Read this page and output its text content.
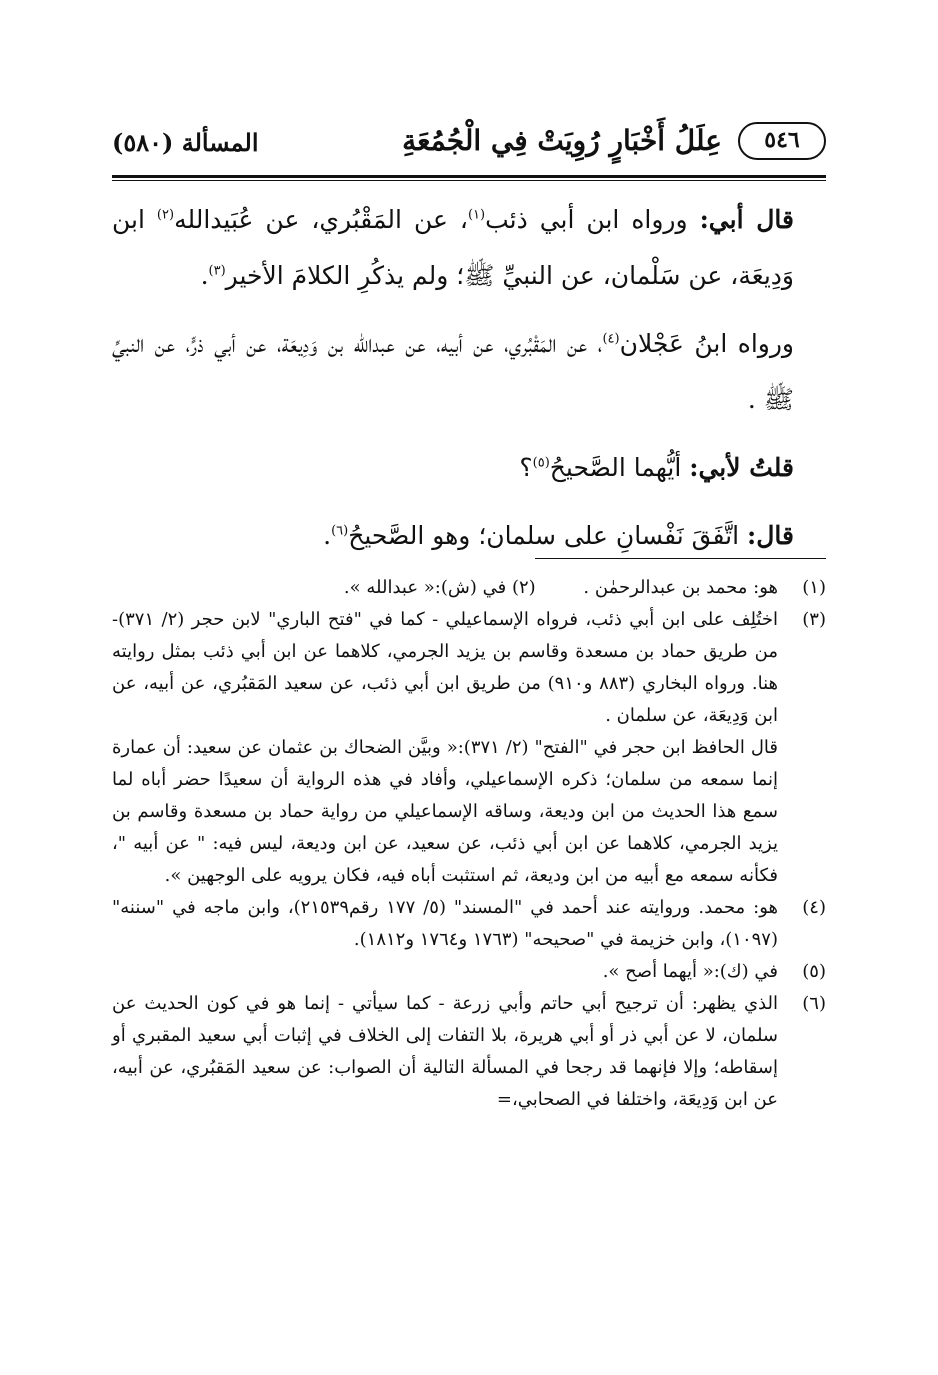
٥٤٦
عِلَلُ أَخْبَارٍ رُوِيَتْ فِي الْجُمُعَةِ
المسألة (٥٨٠)

قال أبي: ورواه ابن أبي ذئب$^{(١)}$، عن المَقْبُري، عن عُبَيدالله$^{(٢)}$ ابن وَدِيعَة، عن سَلْمان، عن النبيِّ ﷺ؛ ولم يذكُرِ الكلامَ الأخير$^{(٣)}$.

ورواه ابنُ عَجْلان$^{(٤)}$، عن المَقْبُري، عن أبيه، عن عبدالله بن وَدِيعَة، عن أبي ذرٍّ، عن النبيِّ ﷺ .

قلتُ لأبي: أيُّهما الصَّحيحُ$^{(٥)}$؟

قال: اتَّفَقَ نَفْسانِ على سلمان؛ وهو الصَّحيحُ$^{(٦)}$.

(١)
هو: محمد بن عبدالرحمٰن . (٢) في (ش):« عبدالله ».
(٣)

اختُلِف على ابن أبي ذئب، فرواه الإسماعيلي - كما في "فتح الباري" لابن حجر (٢/ ٣٧١)- من طريق حماد بن مسعدة وقاسم بن يزيد الجرمي، كلاهما عن ابن أبي ذئب بمثل روايته هنا. ورواه البخاري (٨٨٣ و٩١٠) من طريق ابن أبي ذئب، عن سعيد المَقبُري، عن أبيه، عن ابن وَدِيعَة، عن سلمان .

قال الحافظ ابن حجر في "الفتح" (٢/ ٣٧١):« وبيَّن الضحاك بن عثمان عن سعيد: أن عمارة إنما سمعه من سلمان؛ ذكره الإسماعيلي، وأفاد في هذه الرواية أن سعيدًا حضر أباه لما سمع هذا الحديث من ابن وديعة، وساقه الإسماعيلي من رواية حماد بن مسعدة وقاسم بن يزيد الجرمي، كلاهما عن ابن أبي ذئب، عن سعيد، عن ابن وديعة، ليس فيه: " عن أبيه "، فكأنه سمعه مع أبيه من ابن وديعة، ثم استثبت أباه فيه، فكان يرويه على الوجهين ».

(٤)

هو: محمد. وروايته عند أحمد في "المسند" (٥/ ١٧٧ رقم٢١٥٣٩)، وابن ماجه في "سننه" (١٠٩٧)، وابن خزيمة في "صحيحه" (١٧٦٣ و١٧٦٤ و١٨١٢).

(٥)

في (ك):« أيهما أصح ».

(٦)

الذي يظهر: أن ترجيح أبي حاتم وأبي زرعة - كما سيأتي - إنما هو في كون الحديث عن سلمان، لا عن أبي ذر أو أبي هريرة، بلا التفات إلى الخلاف في إثبات أبي سعيد المقبري أو إسقاطه؛ وإلا فإنهما قد رجحا في المسألة التالية أن الصواب: عن سعيد المَقبُري، عن أبيه، عن ابن وَدِيعَة، واختلفا في الصحابي،=
